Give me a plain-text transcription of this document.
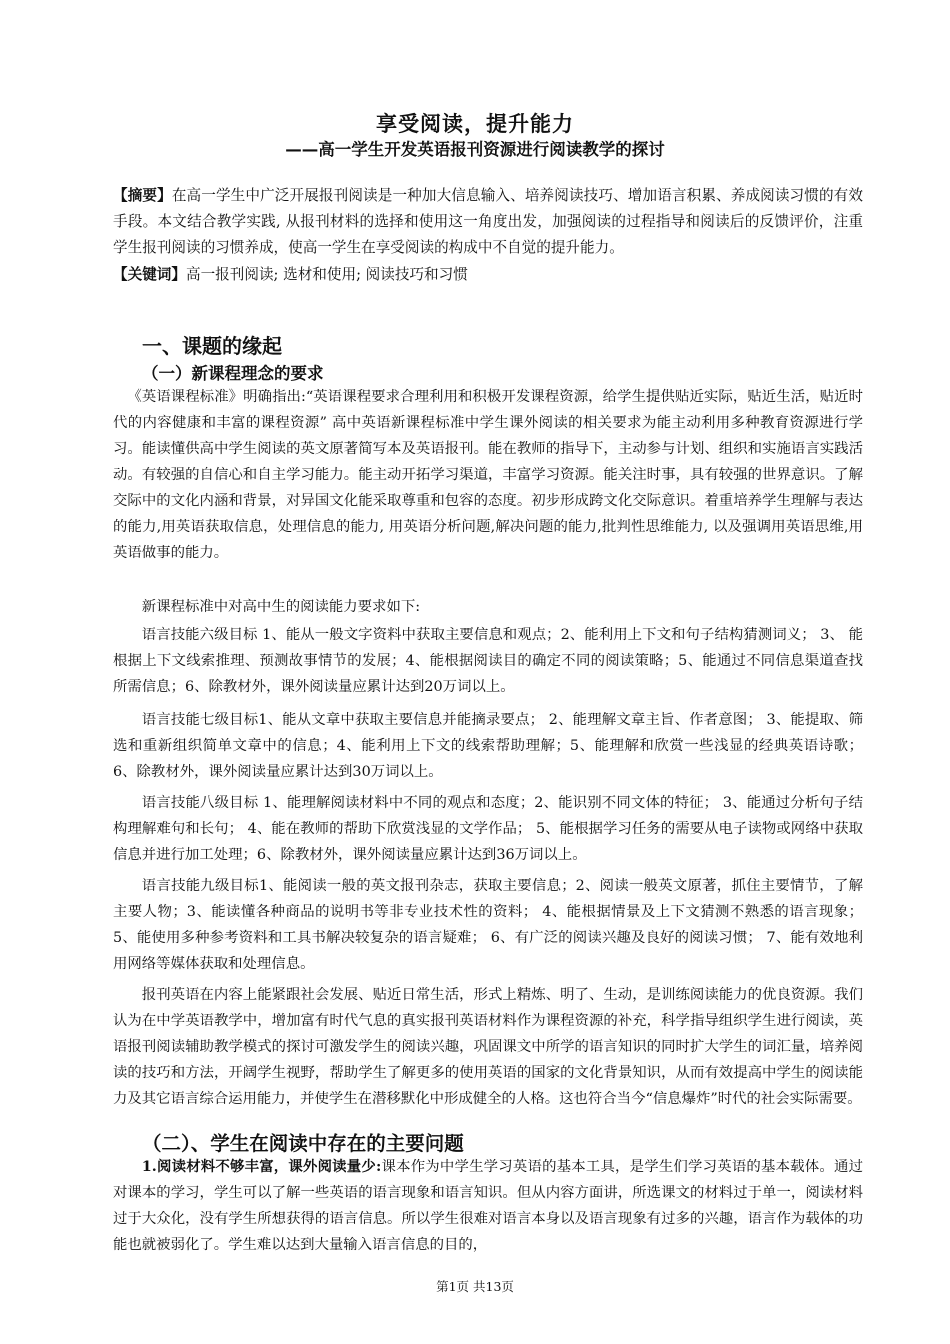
享受阅读，提升能力
——高一学生开发英语报刊资源进行阅读教学的探讨
【摘要】在高一学生中广泛开展报刊阅读是一种加大信息输入、培养阅读技巧、增加语言积累、养成阅读习惯的有效手段。本文结合教学实践, 从报刊材料的选择和使用这一角度出发，加强阅读的过程指导和阅读后的反馈评价，注重学生报刊阅读的习惯养成，使高一学生在享受阅读的构成中不自觉的提升能力。
【关键词】高一报刊阅读; 选材和使用; 阅读技巧和习惯
一、课题的缘起
（一）新课程理念的要求
《英语课程标准》明确指出:“英语课程要求合理利用和积极开发课程资源，给学生提供贴近实际，贴近生活，贴近时代的内容健康和丰富的课程资源” 高中英语新课程标准中学生课外阅读的相关要求为能主动利用多种教育资源进行学习。能读懂供高中学生阅读的英文原著简写本及英语报刊。能在教师的指导下，主动参与计划、组织和实施语言实践活动。有较强的自信心和自主学习能力。能主动开拓学习渠道，丰富学习资源。能关注时事，具有较强的世界意识。了解交际中的文化内涵和背景，对异国文化能采取尊重和包容的态度。初步形成跨文化交际意识。着重培养学生理解与表达的能力,用英语获取信息，处理信息的能力, 用英语分析问题,解决问题的能力,批判性思维能力, 以及强调用英语思维,用英语做事的能力。
新课程标准中对高中生的阅读能力要求如下:
语言技能六级目标 1、能从一般文字资料中获取主要信息和观点；2、能利用上下文和句子结构猜测词义； 3、 能根据上下文线索推理、预测故事情节的发展；4、能根据阅读目的确定不同的阅读策略；5、能通过不同信息渠道查找所需信息；6、除教材外，课外阅读量应累计达到20万词以上。
语言技能七级目标1、能从文章中获取主要信息并能摘录要点； 2、能理解文章主旨、作者意图； 3、能提取、筛选和重新组织简单文章中的信息；4、能利用上下文的线索帮助理解；5、能理解和欣赏一些浅显的经典英语诗歌； 6、除教材外，课外阅读量应累计达到30万词以上。
语言技能八级目标 1、能理解阅读材料中不同的观点和态度；2、能识别不同文体的特征； 3、能通过分析句子结构理解难句和长句； 4、能在教师的帮助下欣赏浅显的文学作品； 5、能根据学习任务的需要从电子读物或网络中获取信息并进行加工处理；6、除教材外，课外阅读量应累计达到36万词以上。
语言技能九级目标1、能阅读一般的英文报刊杂志，获取主要信息；2、阅读一般英文原著，抓住主要情节，了解主要人物；3、能读懂各种商品的说明书等非专业技术性的资料； 4、能根据情景及上下文猜测不熟悉的语言现象；5、能使用多种参考资料和工具书解决较复杂的语言疑难； 6、有广泛的阅读兴趣及良好的阅读习惯； 7、能有效地利用网络等媒体获取和处理信息。
报刊英语在内容上能紧跟社会发展、贴近日常生活，形式上精炼、明了、生动，是训练阅读能力的优良资源。我们认为在中学英语教学中，增加富有时代气息的真实报刊英语材料作为课程资源的补充，科学指导组织学生进行阅读，英语报刊阅读辅助教学模式的探讨可激发学生的阅读兴趣，巩固课文中所学的语言知识的同时扩大学生的词汇量，培养阅读的技巧和方法，开阔学生视野，帮助学生了解更多的使用英语的国家的文化背景知识，从而有效提高中学生的阅读能力及其它语言综合运用能力，并使学生在潜移默化中形成健全的人格。这也符合当今“信息爆炸”时代的社会实际需要。
（二）、学生在阅读中存在的主要问题
1.阅读材料不够丰富，课外阅读量少:课本作为中学生学习英语的基本工具，是学生们学习英语的基本载体。通过对课本的学习，学生可以了解一些英语的语言现象和语言知识。但从内容方面讲，所选课文的材料过于单一，阅读材料过于大众化，没有学生所想获得的语言信息。所以学生很难对语言本身以及语言现象有过多的兴趣，语言作为载体的功能也就被弱化了。学生难以达到大量输入语言信息的目的，
第1页 共13页
